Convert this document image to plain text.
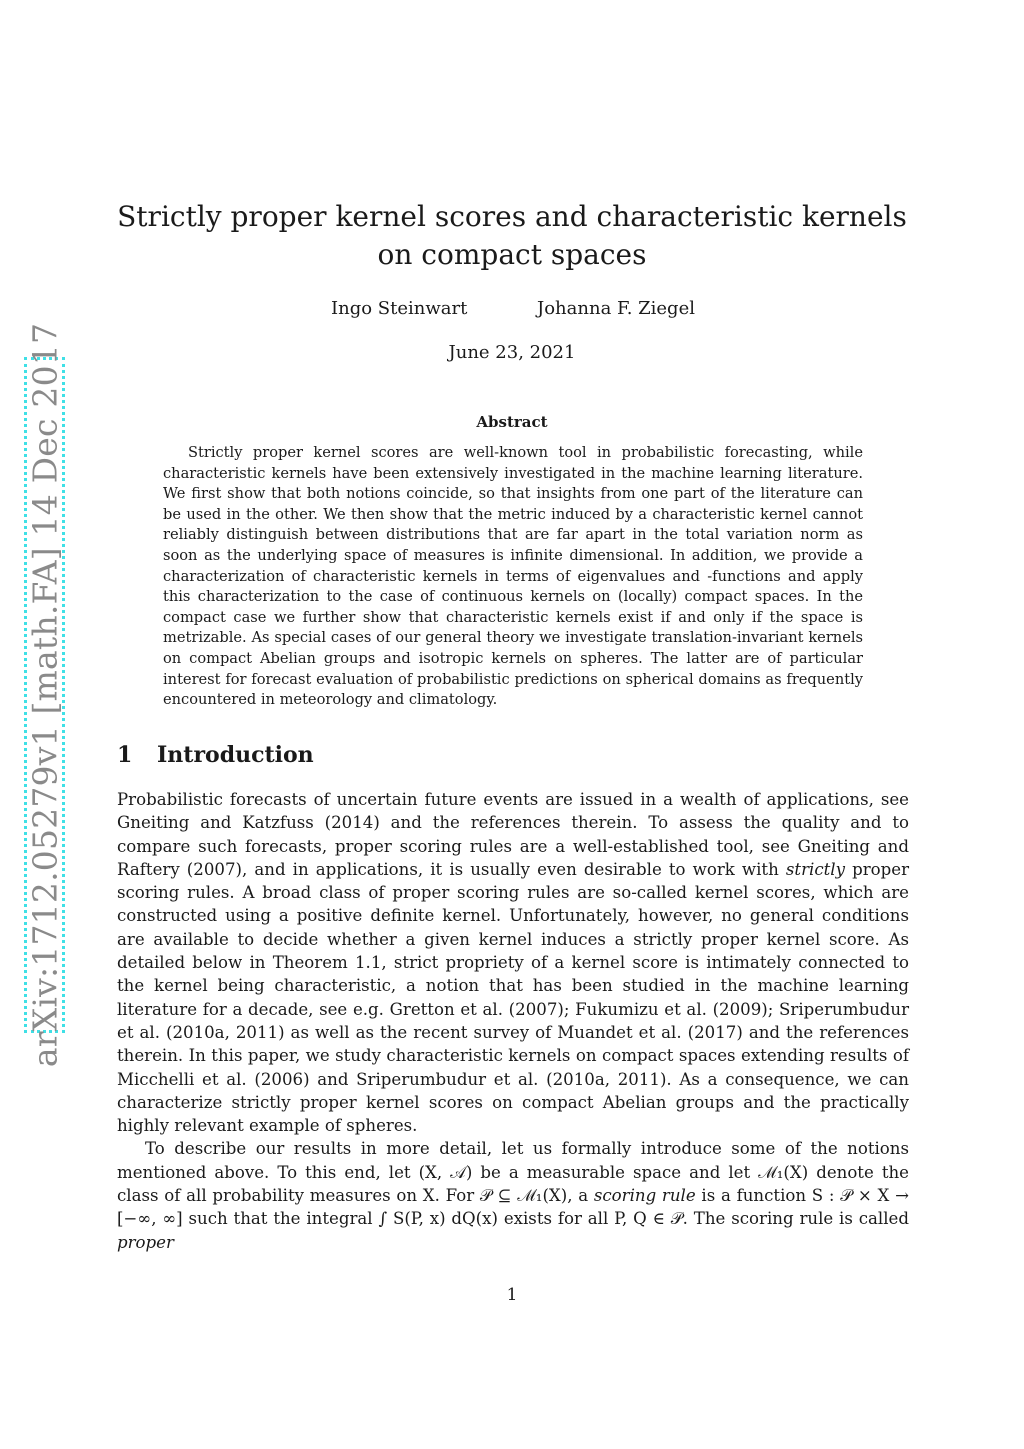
arXiv:1712.05279v1 [math.FA] 14 Dec 2017
Strictly proper kernel scores and characteristic kernels on compact spaces
Ingo Steinwart	Johanna F. Ziegel
June 23, 2021
Abstract

Strictly proper kernel scores are well-known tool in probabilistic forecasting, while characteristic kernels have been extensively investigated in the machine learning literature. We first show that both notions coincide, so that insights from one part of the literature can be used in the other. We then show that the metric induced by a characteristic kernel cannot reliably distinguish between distributions that are far apart in the total variation norm as soon as the underlying space of measures is infinite dimensional. In addition, we provide a characterization of characteristic kernels in terms of eigenvalues and -functions and apply this characterization to the case of continuous kernels on (locally) compact spaces. In the compact case we further show that characteristic kernels exist if and only if the space is metrizable. As special cases of our general theory we investigate translation-invariant kernels on compact Abelian groups and isotropic kernels on spheres. The latter are of particular interest for forecast evaluation of probabilistic predictions on spherical domains as frequently encountered in meteorology and climatology.

1 Introduction

Probabilistic forecasts of uncertain future events are issued in a wealth of applications, see Gneiting and Katzfuss (2014) and the references therein. To assess the quality and to compare such forecasts, proper scoring rules are a well-established tool, see Gneiting and Raftery (2007), and in applications, it is usually even desirable to work with strictly proper scoring rules. A broad class of proper scoring rules are so-called kernel scores, which are constructed using a positive definite kernel. Unfortunately, however, no general conditions are available to decide whether a given kernel induces a strictly proper kernel score. As detailed below in Theorem 1.1, strict propriety of a kernel score is intimately connected to the kernel being characteristic, a notion that has been studied in the machine learning literature for a decade, see e.g. Gretton et al. (2007); Fukumizu et al. (2009); Sriperumbudur et al. (2010a, 2011) as well as the recent survey of Muandet et al. (2017) and the references therein. In this paper, we study characteristic kernels on compact spaces extending results of Micchelli et al. (2006) and Sriperumbudur et al. (2010a, 2011). As a consequence, we can characterize strictly proper kernel scores on compact Abelian groups and the practically highly relevant example of spheres.

To describe our results in more detail, let us formally introduce some of the notions mentioned above. To this end, let (X, 𝒜) be a measurable space and let ℳ₁(X) denote the class of all probability measures on X. For 𝒫 ⊆ ℳ₁(X), a scoring rule is a function S : 𝒫 × X → [−∞, ∞] such that the integral ∫ S(P, x) dQ(x) exists for all P, Q ∈ 𝒫. The scoring rule is called proper

1
